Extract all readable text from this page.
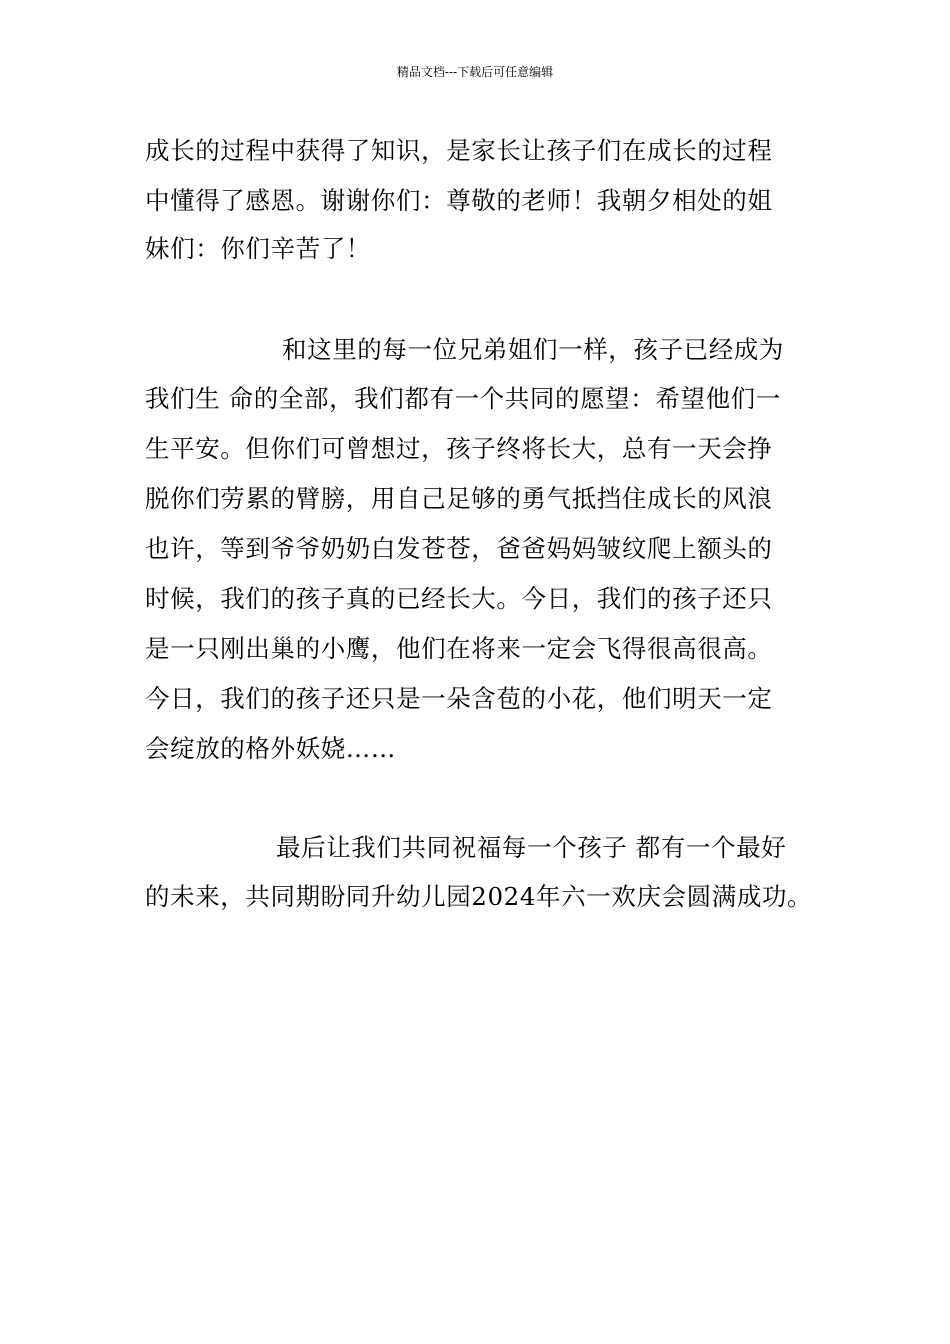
精品文档---下载后可任意编辑
成长的过程中获得了知识，是家长让孩子们在成长的过程
中懂得了感恩。谢谢你们：尊敬的老师！我朝夕相处的姐
妹们：你们辛苦了！
和这里的每一位兄弟姐们一样，孩子已经成为
我们生 命的全部，我们都有一个共同的愿望：希望他们一
生平安。但你们可曾想过，孩子终将长大，总有一天会挣
脱你们劳累的臂膀，用自己足够的勇气抵挡住成长的风浪
也许，等到爷爷奶奶白发苍苍，爸爸妈妈皱纹爬上额头的
时候，我们的孩子真的已经长大。今日，我们的孩子还只
是一只刚出巢的小鹰，他们在将来一定会飞得很高很高。
今日，我们的孩子还只是一朵含苞的小花，他们明天一定
会绽放的格外妖娆……
最后让我们共同祝福每一个孩子 都有一个最好
的未来，共同期盼同升幼儿园2024年六一欢庆会圆满成功。
